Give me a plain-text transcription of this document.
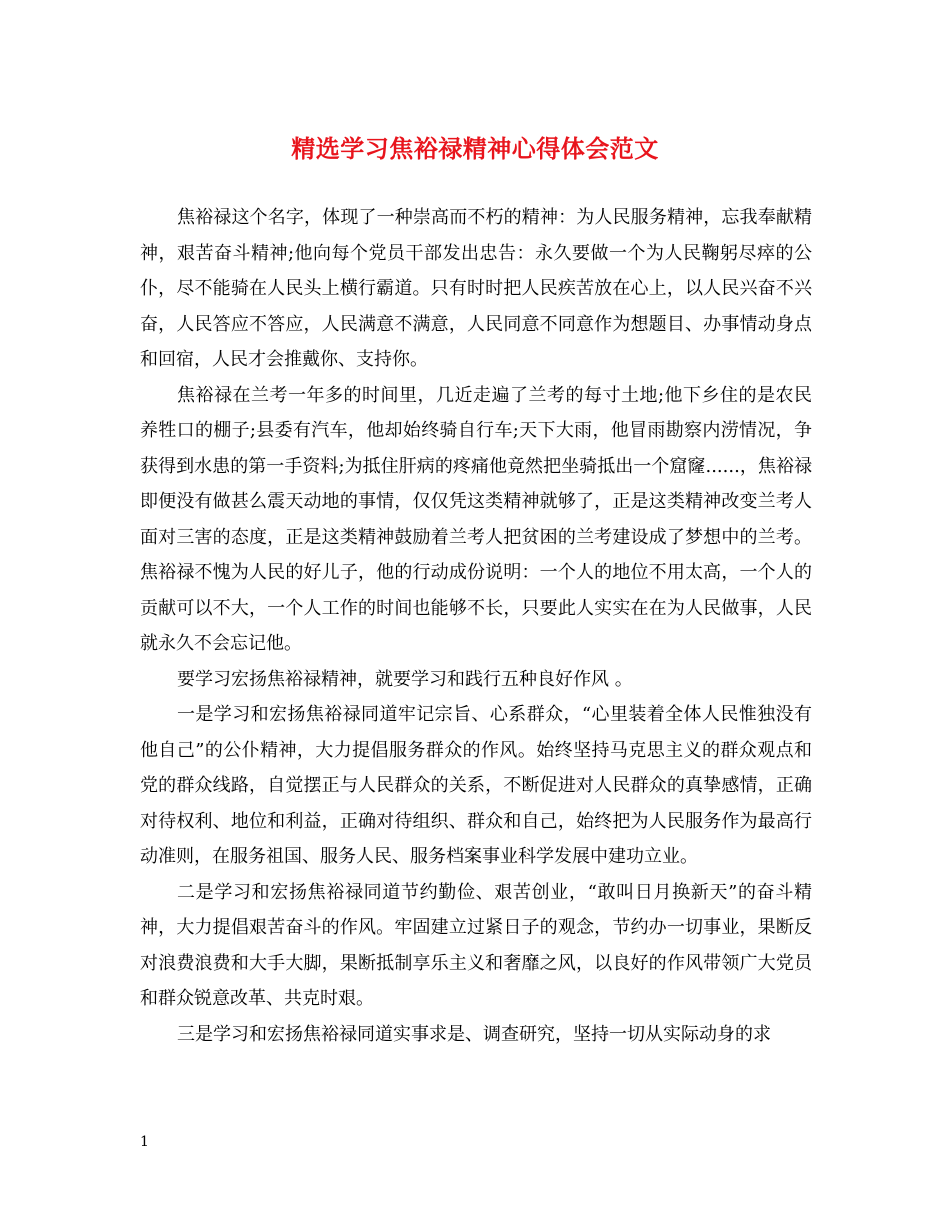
精选学习焦裕禄精神心得体会范文

焦裕禄这个名字，体现了一种崇高而不朽的精神：为人民服务精神，忘我奉献精神，艰苦奋斗精神;他向每个党员干部发出忠告：永久要做一个为人民鞠躬尽瘁的公仆，尽不能骑在人民头上横行霸道。只有时时把人民疾苦放在心上，以人民兴奋不兴奋，人民答应不答应，人民满意不满意，人民同意不同意作为想题目、办事情动身点和回宿，人民才会推戴你、支持你。

焦裕禄在兰考一年多的时间里，几近走遍了兰考的每寸土地;他下乡住的是农民养牲口的棚子;县委有汽车，他却始终骑自行车;天下大雨，他冒雨勘察内涝情况，争获得到水患的第一手资料;为抵住肝病的疼痛他竟然把坐骑抵出一个窟窿......，焦裕禄即便没有做甚么震天动地的事情，仅仅凭这类精神就够了，正是这类精神改变兰考人面对三害的态度，正是这类精神鼓励着兰考人把贫困的兰考建设成了梦想中的兰考。焦裕禄不愧为人民的好儿子，他的行动成份说明：一个人的地位不用太高，一个人的贡献可以不大，一个人工作的时间也能够不长，只要此人实实在在为人民做事，人民就永久不会忘记他。

要学习宏扬焦裕禄精神，就要学习和践行五种良好作风 。

一是学习和宏扬焦裕禄同道牢记宗旨、心系群众，“心里装着全体人民惟独没有他自己”的公仆精神，大力提倡服务群众的作风。始终坚持马克思主义的群众观点和党的群众线路，自觉摆正与人民群众的关系，不断促进对人民群众的真挚感情，正确对待权利、地位和利益，正确对待组织、群众和自己，始终把为人民服务作为最高行动准则，在服务祖国、服务人民、服务档案事业科学发展中建功立业。

二是学习和宏扬焦裕禄同道节约勤俭、艰苦创业，“敢叫日月换新天”的奋斗精神，大力提倡艰苦奋斗的作风。牢固建立过紧日子的观念，节约办一切事业，果断反对浪费浪费和大手大脚，果断抵制享乐主义和奢靡之风，以良好的作风带领广大党员和群众锐意改革、共克时艰。

三是学习和宏扬焦裕禄同道实事求是、调查研究，坚持一切从实际动身的求

1
